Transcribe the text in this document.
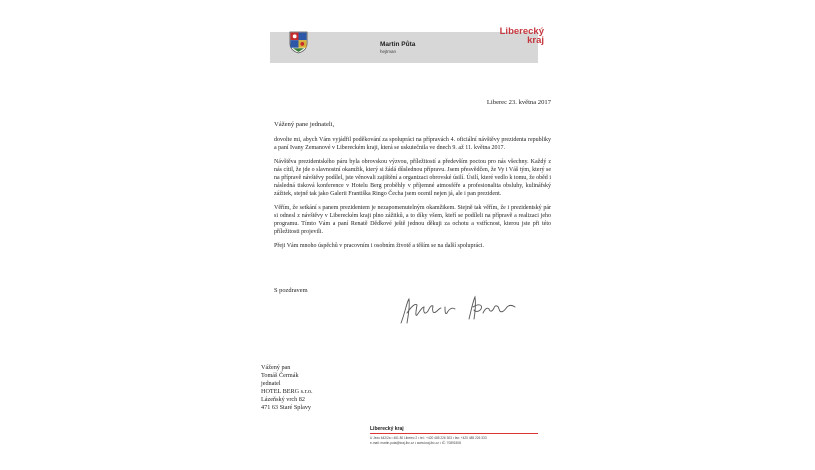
Martin Půta
hejtman
Liberecký
kraj
Liberec 23. května 2017
Vážený pane jednateli,

dovolte mi, abych Vám vyjádřil poděkování za spolupráci na přípravách 4. oficiální návštěvy prezidenta republiky a paní Ivany Zemanové v Libereckém kraji, která se uskutečnila ve dnech 9. až 11. května 2017.

Návštěva prezidentského páru byla obrovskou výzvou, příležitostí a především poctou pro nás všechny. Každý z nás cítil, že jde o slavnostní okamžik, který si žádá důslednou přípravu. Jsem přesvědčen, že Vy i Váš tým, který se na přípravě návštěvy podílel, jste věnovali zajištění a organizaci obrovské úsilí. Úsilí, které vedlo k tomu, že oběd i následná tisková konference v Hotelu Berg proběhly v příjemné atmosféře a profesionalita obsluhy, kulinářský zážitek, stejně tak jako Galerii Františka Ringo Čecha jsem ocenil nejen já, ale i pan prezident.

Věřím, že setkání s panem prezidentem je nezapomenutelným okamžikem. Stejně tak věřím, že i prezidentský pár si odnesl z návštěvy v Libereckém kraji plno zážitků, a to díky všem, kteří se podíleli na přípravě a realizaci jeho programu. Tímto Vám a paní Renatě Dědkové ještě jednou děkuji za ochotu a vstřícnost, kterou jste při této příležitosti projevili.

Přeji Vám mnoho úspěchů v pracovním i osobním životě a těším se na další spolupráci.

S pozdravem
Vážený pan
Tomáš Čermák
jednatel
HOTEL BERG s.r.o.
Lázeňský vrch 82
471 63 Staré Splavy
Liberecký kraj
U Jezu 642/2a • 461 80 Liberec 2 • tel.: +420 485 226 303 • fax: +420 485 226 333
e-mail: martin.puta@kraj-lbc.cz • www.kraj-lbc.cz • IČ: 70891508
